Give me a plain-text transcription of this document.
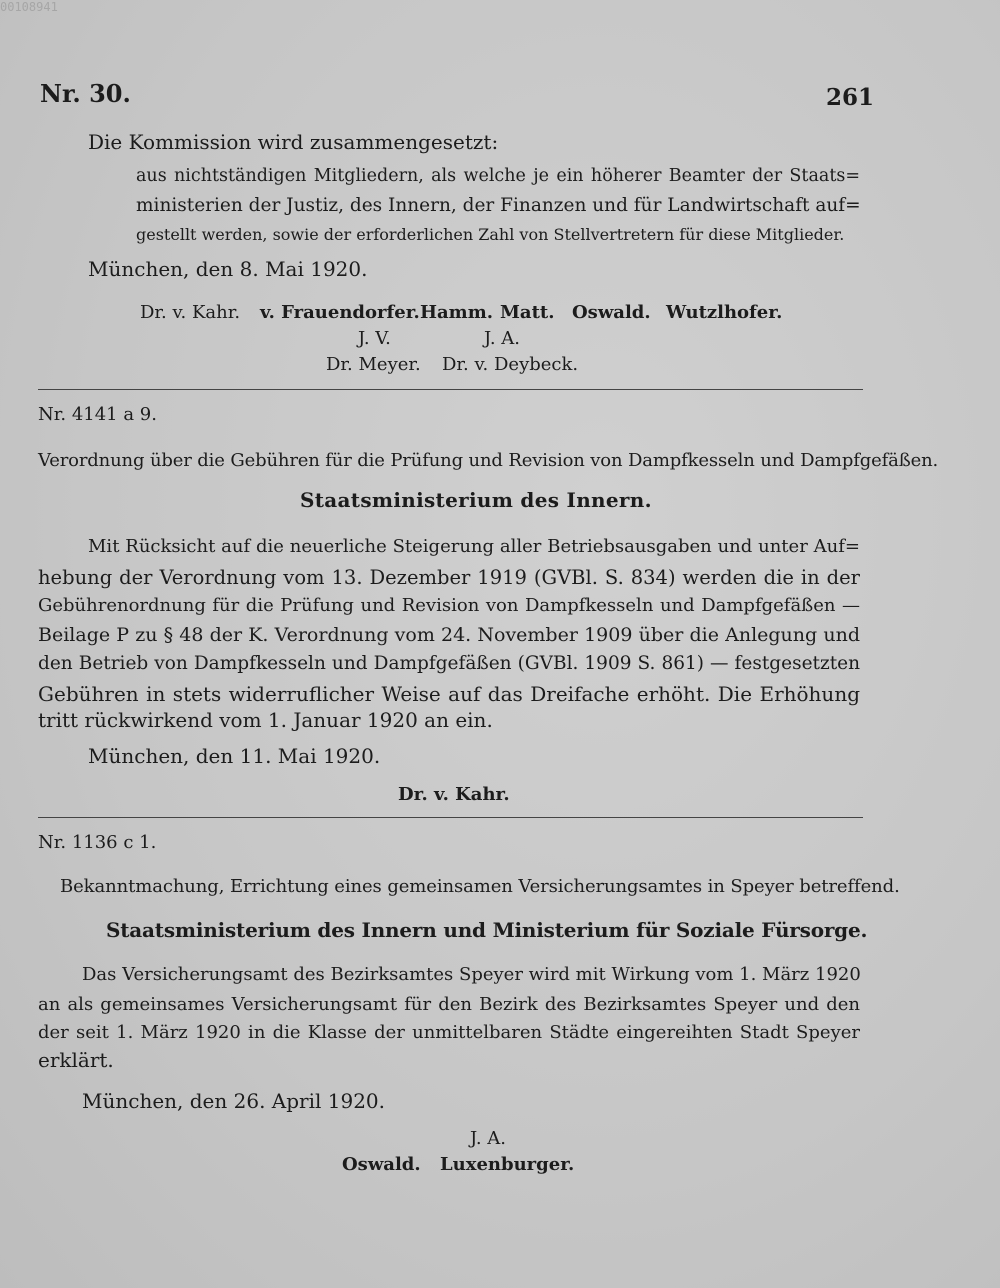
00108941
Nr. 30.	261
Die Kommission wird zusammengesetzt:
aus nichtständigen Mitgliedern, als welche je ein höherer Beamter der Staats=
ministerien der Justiz, des Innern, der Finanzen und für Landwirtschaft auf=
gestellt werden, sowie der erforderlichen Zahl von Stellvertretern für diese Mitglieder.
München, den 8. Mai 1920.
Dr. v. Kahr. v. Frauendorfer. Hamm. Matt. Oswald. Wutzlhofer.
J. V.	J. A.
Dr. Meyer. Dr. v. Deybeck.
Nr. 4141 a 9.
Verordnung über die Gebühren für die Prüfung und Revision von Dampfkesseln und Dampfgefäßen.
Staatsministerium des Innern.
Mit Rücksicht auf die neuerliche Steigerung aller Betriebsausgaben und unter Auf=
hebung der Verordnung vom 13. Dezember 1919 (GVBl. S. 834) werden die in der
Gebührenordnung für die Prüfung und Revision von Dampfkesseln und Dampfgefäßen —
Beilage P zu § 48 der K. Verordnung vom 24. November 1909 über die Anlegung und
den Betrieb von Dampfkesseln und Dampfgefäßen (GVBl. 1909 S. 861) — festgesetzten
Gebühren in stets widerruflicher Weise auf das Dreifache erhöht. Die Erhöhung
tritt rückwirkend vom 1. Januar 1920 an ein.
München, den 11. Mai 1920.
Dr. v. Kahr.
Nr. 1136 c 1.
Bekanntmachung, Errichtung eines gemeinsamen Versicherungsamtes in Speyer betreffend.
Staatsministerium des Innern und Ministerium für Soziale Fürsorge.
Das Versicherungsamt des Bezirksamtes Speyer wird mit Wirkung vom 1. März 1920
an als gemeinsames Versicherungsamt für den Bezirk des Bezirksamtes Speyer und den
der seit 1. März 1920 in die Klasse der unmittelbaren Städte eingereihten Stadt Speyer
erklärt.
München, den 26. April 1920.
J. A.
Oswald. Luxenburger.
